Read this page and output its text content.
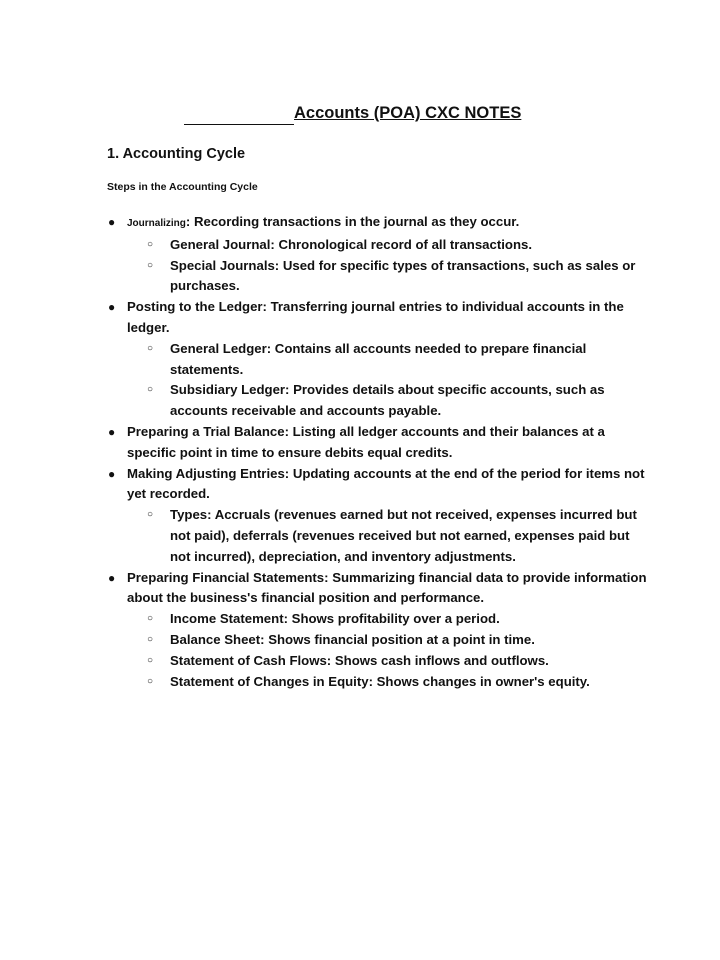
Accounts (POA) CXC NOTES
1. Accounting Cycle
Steps in the Accounting Cycle
● Journalizing: Recording transactions in the journal as they occur.
○ General Journal: Chronological record of all transactions.
○ Special Journals: Used for specific types of transactions, such as sales or purchases.
● Posting to the Ledger: Transferring journal entries to individual accounts in the ledger.
○ General Ledger: Contains all accounts needed to prepare financial statements.
○ Subsidiary Ledger: Provides details about specific accounts, such as accounts receivable and accounts payable.
● Preparing a Trial Balance: Listing all ledger accounts and their balances at a specific point in time to ensure debits equal credits.
● Making Adjusting Entries: Updating accounts at the end of the period for items not yet recorded.
○ Types: Accruals (revenues earned but not received, expenses incurred but not paid), deferrals (revenues received but not earned, expenses paid but not incurred), depreciation, and inventory adjustments.
● Preparing Financial Statements: Summarizing financial data to provide information about the business's financial position and performance.
○ Income Statement: Shows profitability over a period.
○ Balance Sheet: Shows financial position at a point in time.
○ Statement of Cash Flows: Shows cash inflows and outflows.
○ Statement of Changes in Equity: Shows changes in owner's equity.
